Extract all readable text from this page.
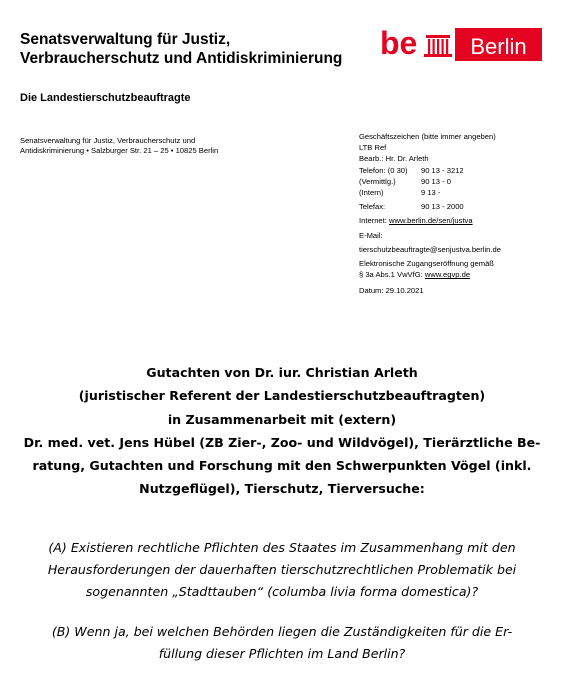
Senatsverwaltung für Justiz,
Verbraucherschutz und Antidiskriminierung
Die Landestierschutzbeauftragte
be Berlin
Senatsverwaltung für Justiz, Verbraucherschutz und
Antidiskriminierung • Salzburger Str. 21 – 25 • 10825 Berlin
Geschäftszeichen (bitte immer angeben)
LTB Ref
Bearb.: Hr. Dr. Arleth
Telefon: (0 30) 90 13 - 3212
(Vermittlg.)	90 13 - 0
(Intern)	9 13 -
Telefax:	90 13 - 2000
Internet: www.berlin.de/sen/justva
E-Mail:
tierschutzbeauftragte@senjustva.berlin.de
Elektronische Zugangseröffnung gemäß
§ 3a Abs.1 VwVfG: www.egvp.de
Datum: 29.10.2021
Gutachten von Dr. iur. Christian Arleth
(juristischer Referent der Landestierschutzbeauftragten)
in Zusammenarbeit mit (extern)
Dr. med. vet. Jens Hübel (ZB Zier-, Zoo- und Wildvögel), Tierärztliche Be-
ratung, Gutachten und Forschung mit den Schwerpunkten Vögel (inkl.
Nutzgeflügel), Tierschutz, Tierversuche:
(A) Existieren rechtliche Pflichten des Staates im Zusammenhang mit den
Herausforderungen der dauerhaften tierschutzrechtlichen Problematik bei
sogenannten „Stadttauben“ (columba livia forma domestica)?
(B) Wenn ja, bei welchen Behörden liegen die Zuständigkeiten für die Er-
füllung dieser Pflichten im Land Berlin?
